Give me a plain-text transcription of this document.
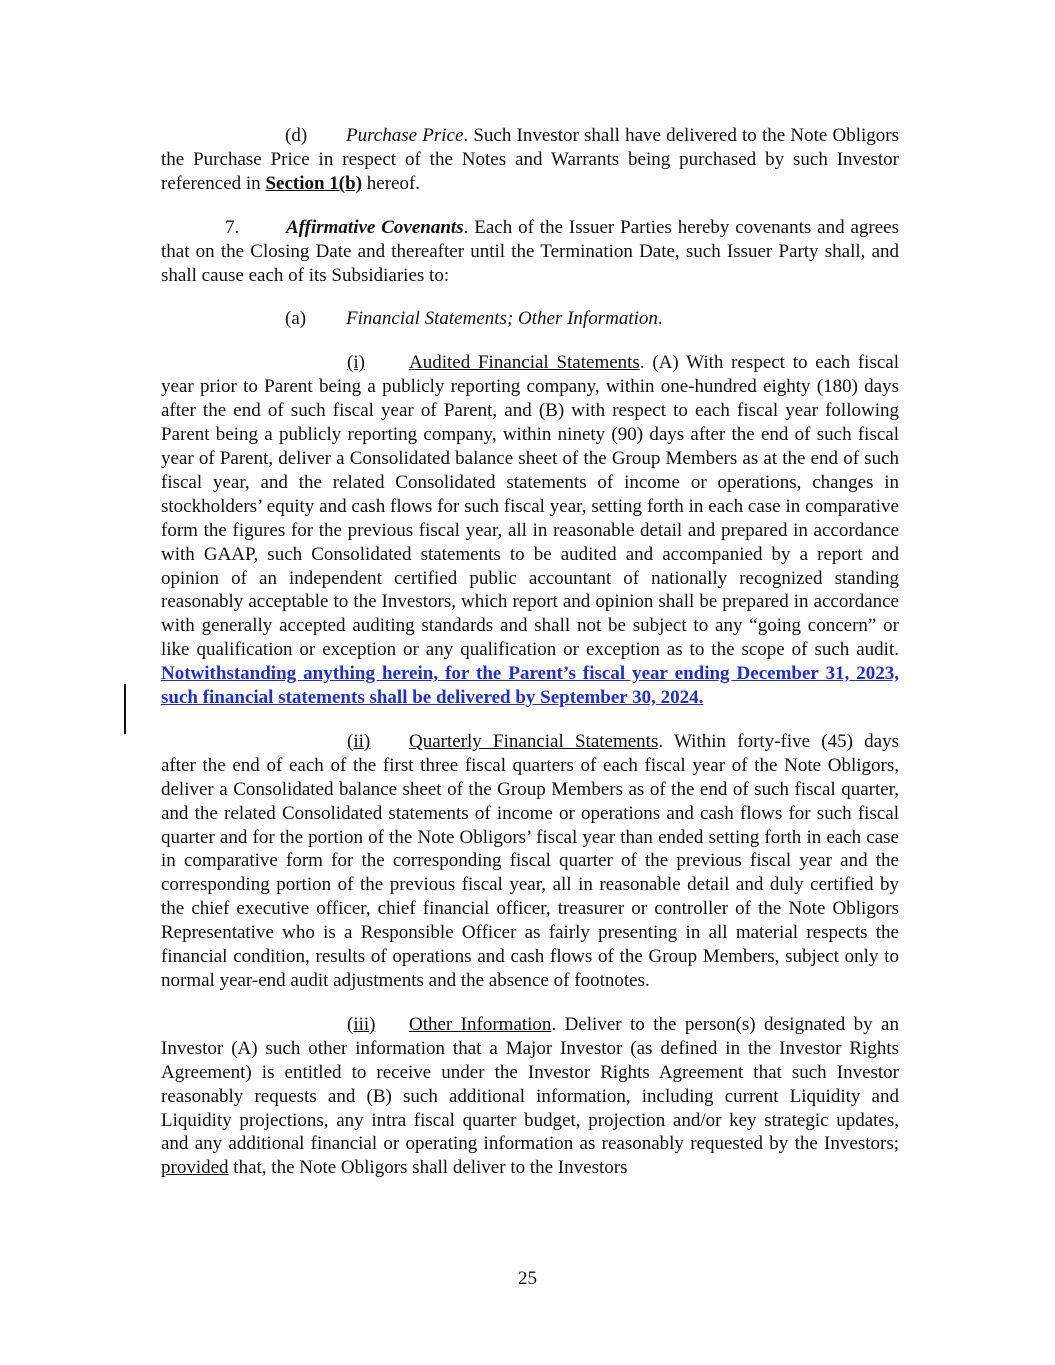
(d) Purchase Price. Such Investor shall have delivered to the Note Obligors the Purchase Price in respect of the Notes and Warrants being purchased by such Investor referenced in Section 1(b) hereof.

7. Affirmative Covenants. Each of the Issuer Parties hereby covenants and agrees that on the Closing Date and thereafter until the Termination Date, such Issuer Party shall, and shall cause each of its Subsidiaries to:

(a) Financial Statements; Other Information.

(i) Audited Financial Statements. (A) With respect to each fiscal year prior to Parent being a publicly reporting company, within one-hundred eighty (180) days after the end of such fiscal year of Parent, and (B) with respect to each fiscal year following Parent being a publicly reporting company, within ninety (90) days after the end of such fiscal year of Parent, deliver a Consolidated balance sheet of the Group Members as at the end of such fiscal year, and the related Consolidated statements of income or operations, changes in stockholders’ equity and cash flows for such fiscal year, setting forth in each case in comparative form the figures for the previous fiscal year, all in reasonable detail and prepared in accordance with GAAP, such Consolidated statements to be audited and accompanied by a report and opinion of an independent certified public accountant of nationally recognized standing reasonably acceptable to the Investors, which report and opinion shall be prepared in accordance with generally accepted auditing standards and shall not be subject to any “going concern” or like qualification or exception or any qualification or exception as to the scope of such audit. Notwithstanding anything herein, for the Parent’s fiscal year ending December 31, 2023, such financial statements shall be delivered by September 30, 2024.

(ii) Quarterly Financial Statements. Within forty-five (45) days after the end of each of the first three fiscal quarters of each fiscal year of the Note Obligors, deliver a Consolidated balance sheet of the Group Members as of the end of such fiscal quarter, and the related Consolidated statements of income or operations and cash flows for such fiscal quarter and for the portion of the Note Obligors’ fiscal year than ended setting forth in each case in comparative form for the corresponding fiscal quarter of the previous fiscal year and the corresponding portion of the previous fiscal year, all in reasonable detail and duly certified by the chief executive officer, chief financial officer, treasurer or controller of the Note Obligors Representative who is a Responsible Officer as fairly presenting in all material respects the financial condition, results of operations and cash flows of the Group Members, subject only to normal year-end audit adjustments and the absence of footnotes.

(iii) Other Information. Deliver to the person(s) designated by an Investor (A) such other information that a Major Investor (as defined in the Investor Rights Agreement) is entitled to receive under the Investor Rights Agreement that such Investor reasonably requests and (B) such additional information, including current Liquidity and Liquidity projections, any intra fiscal quarter budget, projection and/or key strategic updates, and any additional financial or operating information as reasonably requested by the Investors; provided that, the Note Obligors shall deliver to the Investors

25
